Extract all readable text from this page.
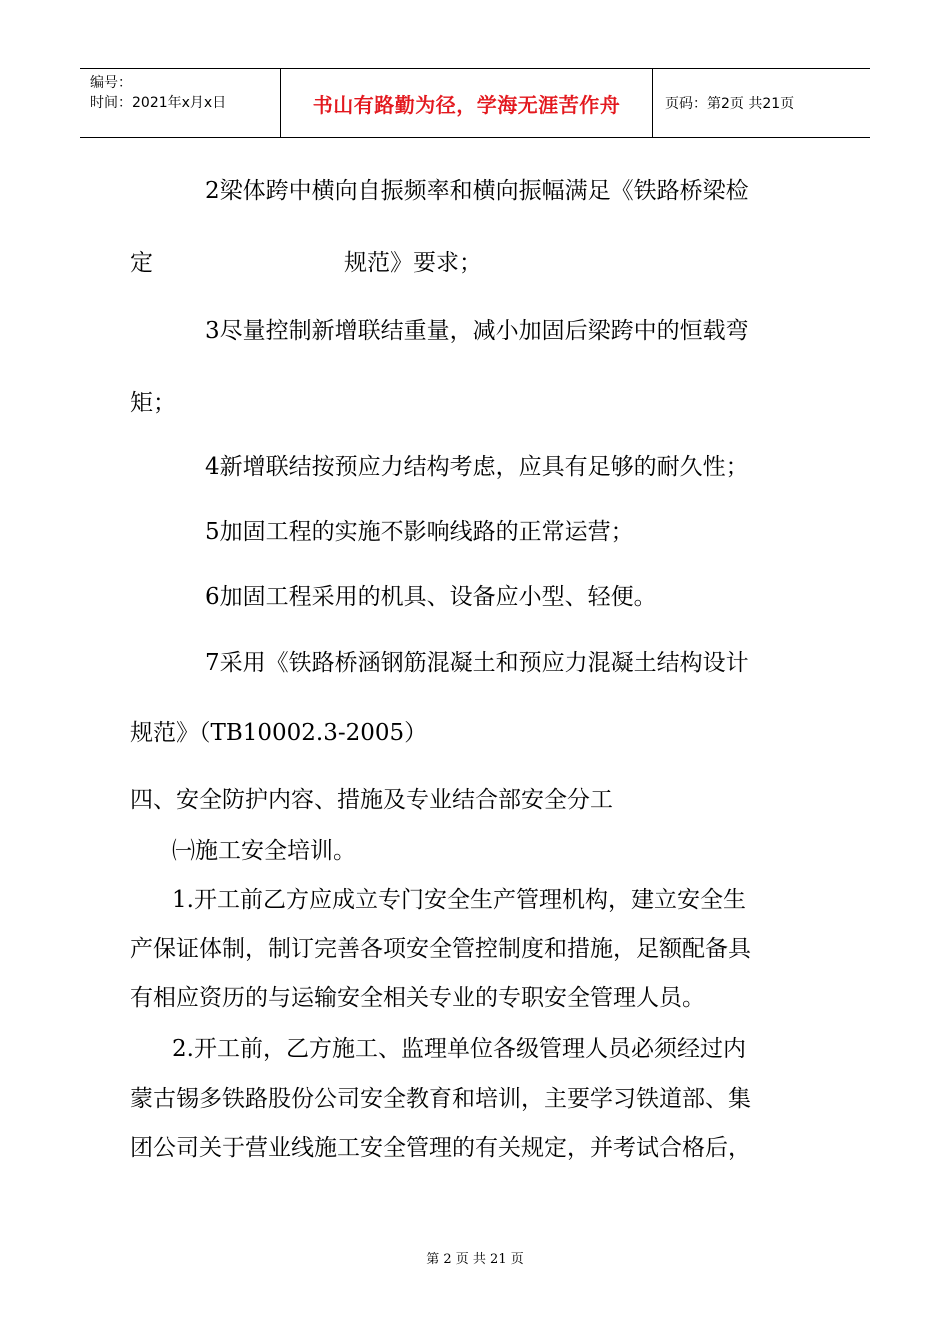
编号：
时间：2021年x月x日	书山有路勤为径，学海无涯苦作舟	页码：第2页 共21页
2梁体跨中横向自振频率和横向振幅满足《铁路桥梁检
定	规范》要求；
3尽量控制新增联结重量，减小加固后梁跨中的恒载弯
矩；
4新增联结按预应力结构考虑，应具有足够的耐久性；
5加固工程的实施不影响线路的正常运营；
6加固工程采用的机具、设备应小型、轻便。
7采用《铁路桥涵钢筋混凝土和预应力混凝土结构设计
规范》（TB10002.3-2005）
四、安全防护内容、措施及专业结合部安全分工
㈠施工安全培训。
1.开工前乙方应成立专门安全生产管理机构，建立安全生
产保证体制，制订完善各项安全管控制度和措施，足额配备具
有相应资历的与运输安全相关专业的专职安全管理人员。
2.开工前，乙方施工、监理单位各级管理人员必须经过内
蒙古锡多铁路股份公司安全教育和培训，主要学习铁道部、集
团公司关于营业线施工安全管理的有关规定，并考试合格后，
第 2 页 共 21 页
